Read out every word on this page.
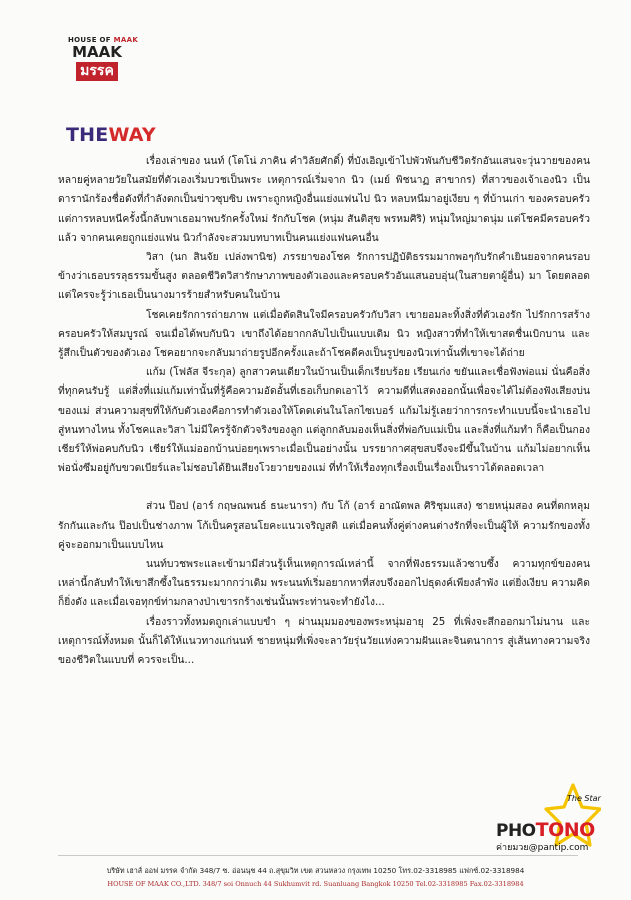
HOUSE OF MAAK
MAAK
มรรค
THEWAY

เรื่องเล่าของ นนท์ (โตโน่ ภาคิน คำวิลัยศักดิ์) ที่บังเอิญเข้าไปพัวพันกับชีวิตรักอันแสนจะวุ่นวายของคนหลายคู่หลายวัยในสมัยที่ตัวเองเริ่มบวชเป็นพระ เหตุการณ์เริ่มจาก นิว (เมย์ พิชนาฏ สาขากร) ที่สาวของเจ้าเองนิว เป็นดารานักร้องชื่อดังที่กำลังตกเป็นข่าวซุบซิบ เพราะถูกหญิงอื่นแย่งแฟนไป นิว หลบหนีมาอยู่เงียบ ๆ ที่บ้านเก่า ของครอบครัว แต่การหลบหนีครั้งนี้กลับพาเธอมาพบรักครั้งใหม่ รักกับโชค (หนุ่ม สันติสุข พรหมศิริ) หนุ่มใหญ่มาดนุ่ม แต่โชคมีครอบครัวแล้ว จากคนเคยถูกแย่งแฟน นิวกำลังจะสวมบทบาทเป็นคนแย่งแฟนคนอื่น

วิสา (นก สินจัย เปล่งพานิช) ภรรยาของโชค รักการปฏิบัติธรรมมากพอๆกับรักคำเยินยอจากคนรอบข้างว่าเธอบรรลุธรรมขั้นสูง ตลอดชีวิตวิสารักษาภาพของตัวเองและครอบครัวอันแสนอบอุ่น(ในสายตาผู้อื่น) มา โดยตลอด แต่ใครจะรู้ว่าเธอเป็นนางมารร้ายสำหรับคนในบ้าน

โชคเคยรักการถ่ายภาพ แต่เมื่อตัดสินใจมีครอบครัวกับวิสา เขายอมละทิ้งสิ่งที่ตัวเองรัก ไปรักการสร้างครอบครัวให้สมบูรณ์ จนเมื่อได้พบกับนิว เขาถึงได้อยากกลับไปเป็นแบบเดิม นิว หญิงสาวที่ทำให้เขาสดชื่นเบิกบาน และรู้สึกเป็นตัวของตัวเอง โชคอยากจะกลับมาถ่ายรูปอีกครั้งและถ้าโชคดีคงเป็นรูปของนิวเท่านั้นที่เขาจะได้ถ่าย

แก้ม (โฟลัส จีระกุล) ลูกสาวคนเดียวในบ้านเป็นเด็กเรียบร้อย เรียนเก่ง ขยันและเชื่อฟังพ่อแม่ นั่นคือสิ่งที่ทุกคนรับรู้ แต่สิ่งที่แม่แก้มเท่านั้นที่รู้คือความอัดอั้นที่เธอเก็บกดเอาไว้ ความดีที่แสดงออกนั้นเพื่อจะได้ไม่ต้องฟังเสียงบ่นของแม่ ส่วนความสุขที่ให้กับตัวเองคือการทำตัวเองให้โดดเด่นในโลกไซเบอร์ แก้มไม่รู้เลยว่าการกระทำแบบนี้จะนำเธอไปสู่หนทางไหน ทั้งโชคและวิสา ไม่มีใครรู้จักตัวจริงของลูก แต่ลูกกลับมองเห็นสิ่งที่พ่อกับแม่เป็น และสิ่งที่แก้มทำ ก็คือเป็นกองเชียร์ให้พ่อคบกับนิว เชียร์ให้แม่ออกบ้านบ่อยๆเพราะเมื่อเป็นอย่างนั้น บรรยากาศสุขสบจึงจะมีขึ้นในบ้าน แก้มไม่อยากเห็นพ่อนั่งซึมอยู่กับขวดเบียร์และไม่ชอบได้ยินเสียงโวยวายของแม่ ที่ทำให้เรื่องทุกเรื่องเป็นเรื่องเป็นราวได้ตลอดเวลา

ส่วน ป๊อป (อาร์ กฤษณพนธ์ ธนะนารา) กับ โก้ (อาร์ อาณัตพล ศิริชุมแสง) ชายหนุ่มสอง คนที่ตกหลุมรักกันและกัน ป๊อปเป็นช่างภาพ โก้เป็นครูสอนโยคะแนวเจริญสติ แต่เมื่อคนทั้งคู่ต่างคนต่างรักที่จะเป็นผู้ให้ ความรักของทั้งคู่จะออกมาเป็นแบบไหน

นนท์บวชพระและเข้ามามีส่วนรู้เห็นเหตุการณ์เหล่านี้ จากที่ฟังธรรมแล้วซาบซึ้ง ความทุกข์ของคนเหล่านี้กลับทำให้เขาสึกซึ้งในธรรมะมากกว่าเดิม พระนนท์เริ่มอยากหาที่สงบจึงออกไปธุดงค์เพียงลำพัง แต่ยิ่งเงียบ ความคิดก็ยิ่งดัง และเมื่อเจอทุกข์ท่ามกลางป่าเขารกร้างเช่นนั้นพระท่านจะทำยังไง...

เรื่องราวทั้งหมดถูกเล่าแบบขำ ๆ ผ่านมุมมองของพระหนุ่มอายุ 25 ที่เพิ่งจะสึกออกมาไม่นาน และเหตุการณ์ทั้งหมด นั้นก็ได้ให้แนวทางแก่นนท์ ชายหนุ่มที่เพิ่งจะลาวัยรุ่นวัยแห่งความฝันและจินตนาการ สู่เส้นทางความจริงของชีวิตในแบบที่ ควรจะเป็น...

The Star
PHOTONO
ค่ายมวย@pantip.com
บริษัท เฮาส์ ออฟ มรรค จำกัด 348/7 ซ. อ่อนนุช 44 ถ.สุขุมวิท เขต สวนหลวง กรุงเทพ 10250 โทร.02-3318985 แฟกซ์.02-3318984
HOUSE OF MAAK CO.,LTD. 348/7 soi Onnuch 44 Sukhumvit rd. Suanluang Bangkok 10250 Tel.02-3318985 Fax.02-3318984
